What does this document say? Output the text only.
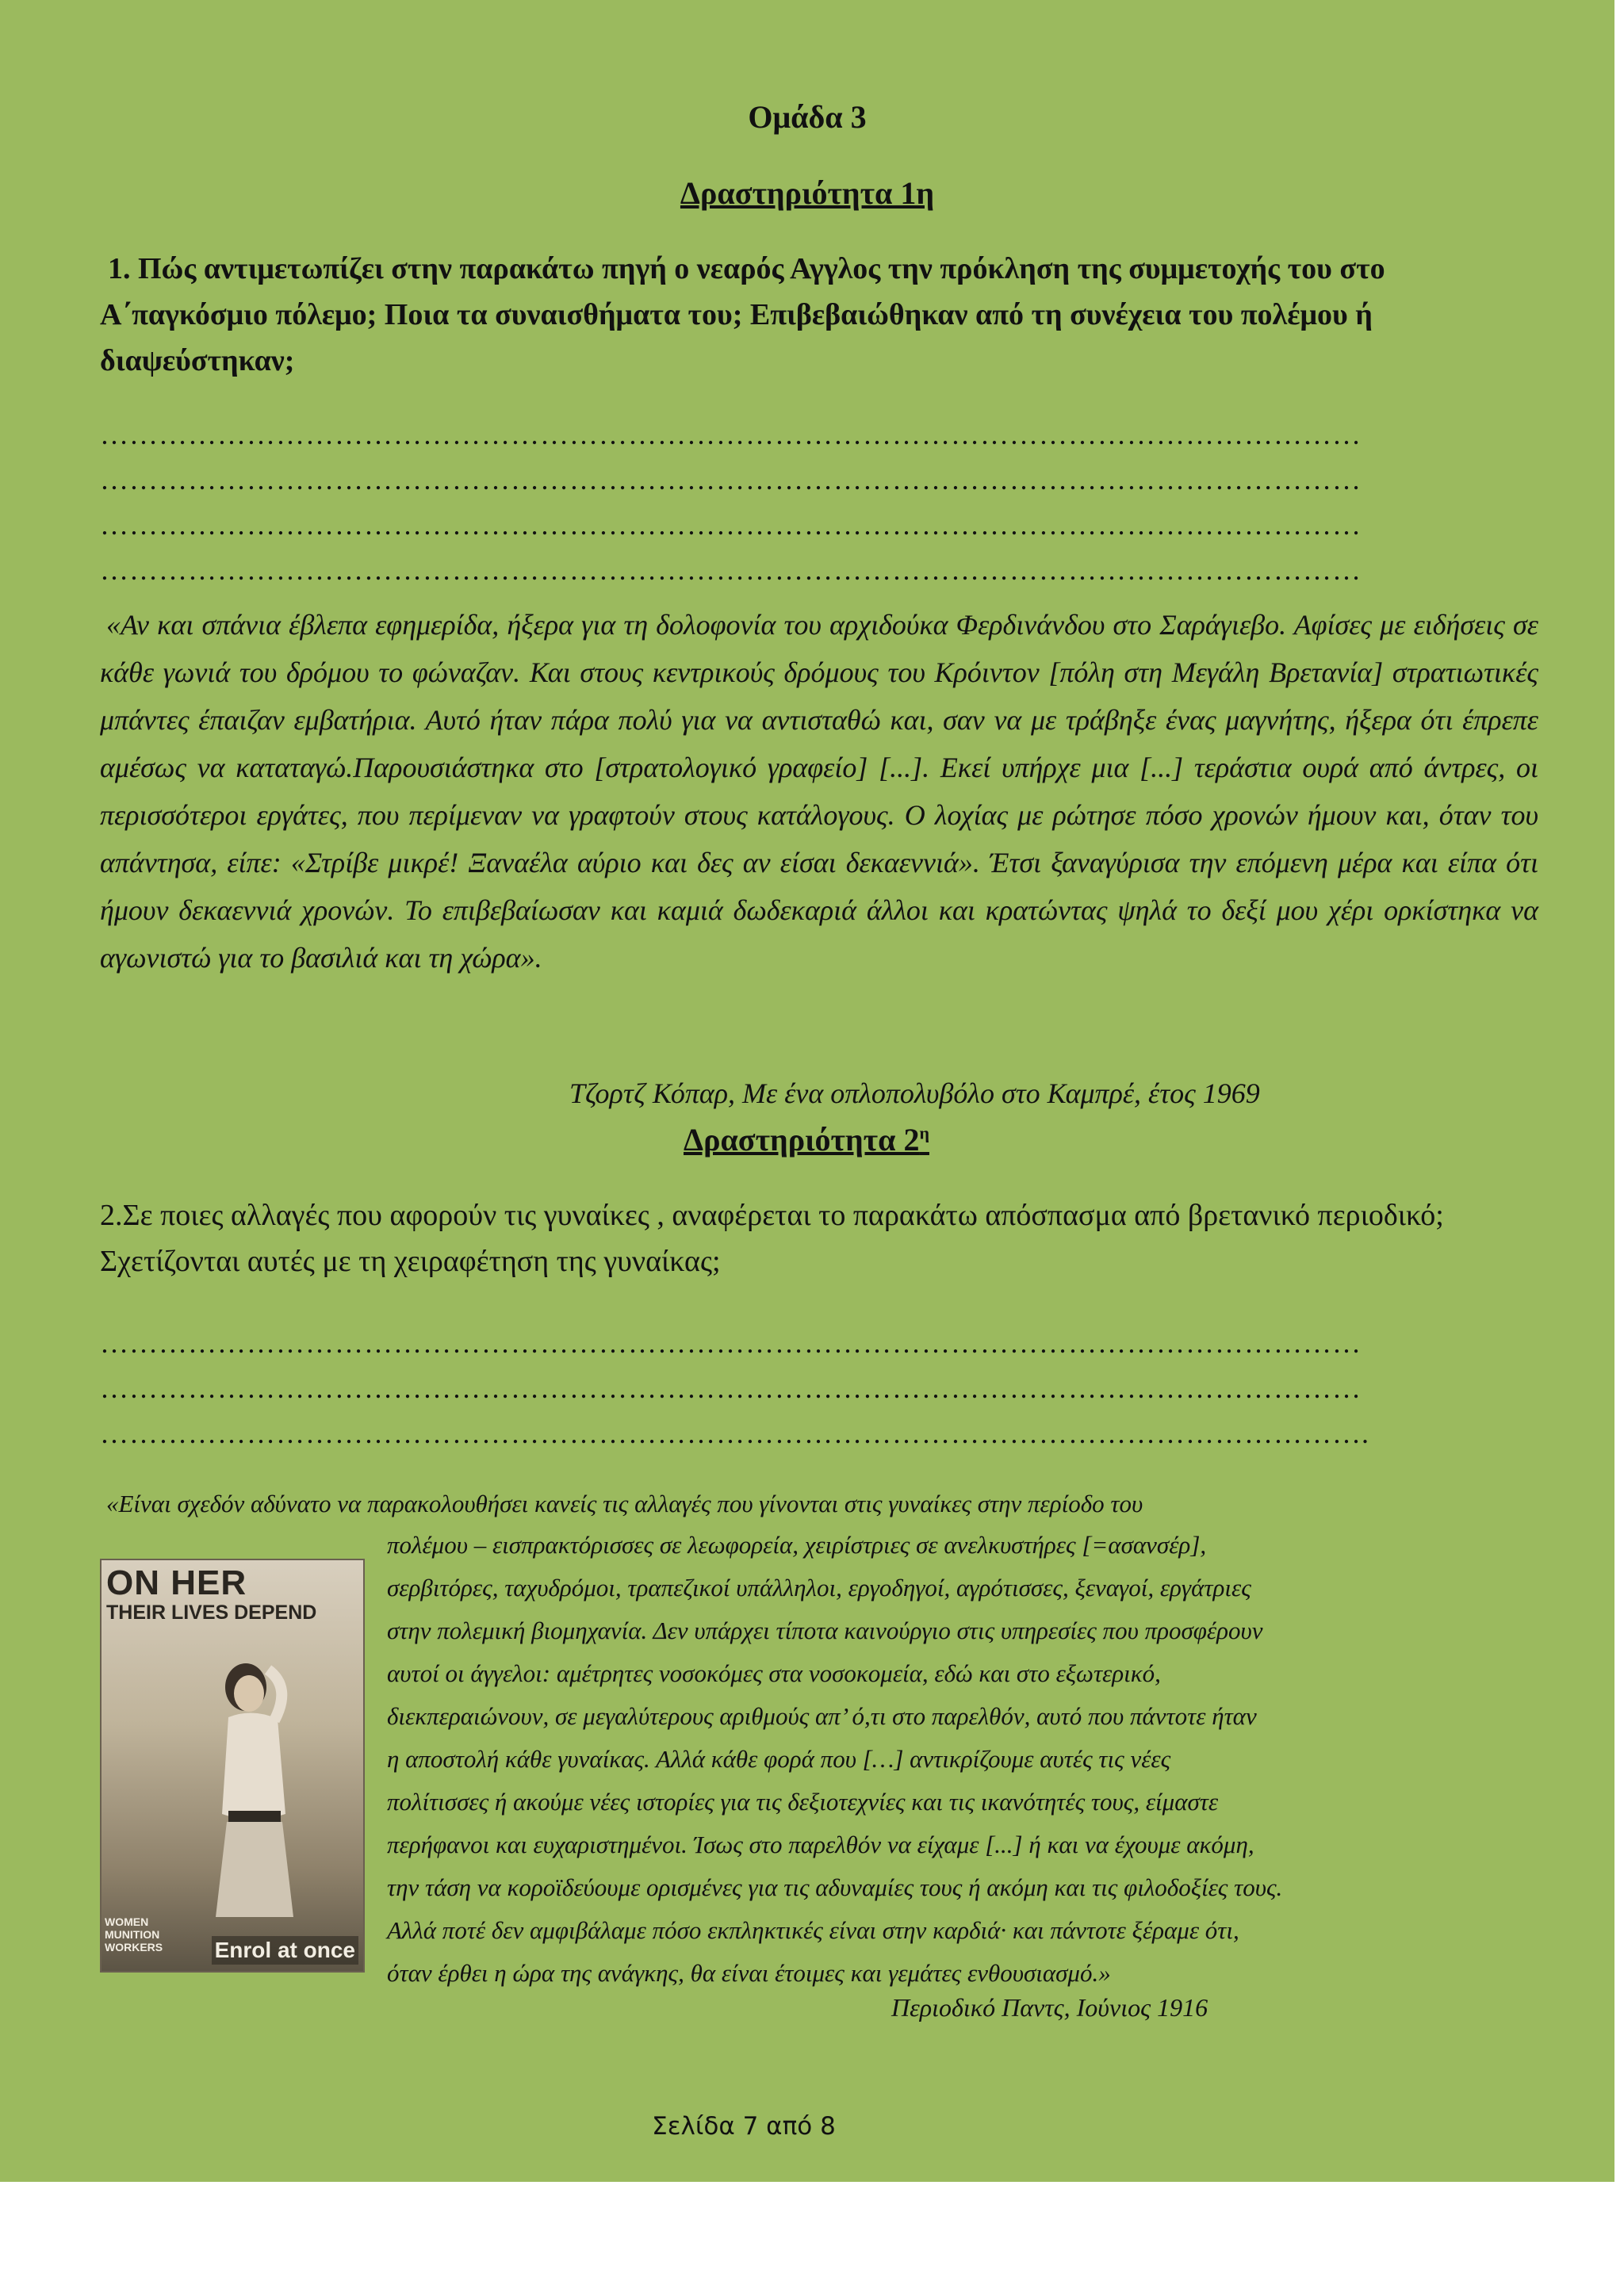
Ομάδα 3
Δραστηριότητα 1η
1. Πώς αντιμετωπίζει στην παρακάτω πηγή ο νεαρός Αγγλος την πρόκληση της συμμετοχής του στο Α΄παγκόσμιο πόλεμο; Ποια τα συναισθήματα του; Επιβεβαιώθηκαν από τη συνέχεια του πολέμου ή διαψεύστηκαν;
…………………………………………………………………………………………………………………
…………………………………………………………………………………………………………………
…………………………………………………………………………………………………………………
…………………………………………………………………………………………………………………
«Αν και σπάνια έβλεπα εφημερίδα, ήξερα για τη δολοφονία του αρχιδούκα Φερδινάνδου στο Σαράγιεβο. Αφίσες με ειδήσεις σε κάθε γωνιά του δρόμου το φώναζαν. Και στους κεντρικούς δρόμους του Κρόιντον [πόλη στη Μεγάλη Βρετανία] στρατιωτικές μπάντες έπαιζαν εμβατήρια. Αυτό ήταν πάρα πολύ για να αντισταθώ και, σαν να με τράβηξε ένας μαγνήτης, ήξερα ότι έπρεπε αμέσως να καταταγώ.Παρουσιάστηκα στο [στρατολογικό γραφείο] [...]. Εκεί υπήρχε μια [...] τεράστια ουρά από άντρες, οι περισσότεροι εργάτες, που περίμεναν να γραφτούν στους κατάλογους. Ο λοχίας με ρώτησε πόσο χρονών ήμουν και, όταν του απάντησα, είπε: «Στρίβε μικρέ! Ξαναέλα αύριο και δες αν είσαι δεκαεννιά». Έτσι ξαναγύρισα την επόμενη μέρα και είπα ότι ήμουν δεκαεννιά χρονών. Το επιβεβαίωσαν και καμιά δωδεκαριά άλλοι και κρατώντας ψηλά το δεξί μου χέρι ορκίστηκα να αγωνιστώ για το βασιλιά και τη χώρα».
Τζορτζ Κόπαρ, Με ένα οπλοπολυβόλο στο Καμπρέ, έτος 1969
Δραστηριότητα $2^\eta$
2.Σε ποιες αλλαγές που αφορούν τις γυναίκες , αναφέρεται το παρακάτω απόσπασμα από βρετανικό περιοδικό; Σχετίζονται αυτές με τη χειραφέτηση της γυναίκας;
…………………………………………………………………………………………………………………
…………………………………………………………………………………………………………………
………………………………………………………………………………………………………………….
«Είναι σχεδόν αδύνατο να παρακολουθήσει κανείς τις αλλαγές που γίνονται στις γυναίκες στην περίοδο του
ON HER
THEIR LIVES DEPEND
WOMEN
MUNITION
WORKERS Enrol at once
πολέμου – εισπρακτόρισσες σε λεωφορεία, χειρίστριες σε ανελκυστήρες [=ασανσέρ],
σερβιτόρες, ταχυδρόμοι, τραπεζικοί υπάλληλοι, εργοδηγοί, αγρότισσες, ξεναγοί, εργάτριες
στην πολεμική βιομηχανία. Δεν υπάρχει τίποτα καινούργιο στις υπηρεσίες που προσφέρουν
αυτοί οι άγγελοι: αμέτρητες νοσοκόμες στα νοσοκομεία, εδώ και στο εξωτερικό,
διεκπεραιώνουν, σε μεγαλύτερους αριθμούς απ’ ό,τι στο παρελθόν, αυτό που πάντοτε ήταν
η αποστολή κάθε γυναίκας. Αλλά κάθε φορά που […] αντικρίζουμε αυτές τις νέες
πολίτισσες ή ακούμε νέες ιστορίες για τις δεξιοτεχνίες και τις ικανότητές τους, είμαστε
περήφανοι και ευχαριστημένοι. Ίσως στο παρελθόν να είχαμε [...] ή και να έχουμε ακόμη,
την τάση να κοροϊδεύουμε ορισμένες για τις αδυναμίες τους ή ακόμη και τις φιλοδοξίες τους.
Αλλά ποτέ δεν αμφιβάλαμε πόσο εκπληκτικές είναι στην καρδιά· και πάντοτε ξέραμε ότι,
όταν έρθει η ώρα της ανάγκης, θα είναι έτοιμες και γεμάτες ενθουσιασμό.»
Περιοδικό Παντς, Ιούνιος 1916
Σελίδα 7 από 8
